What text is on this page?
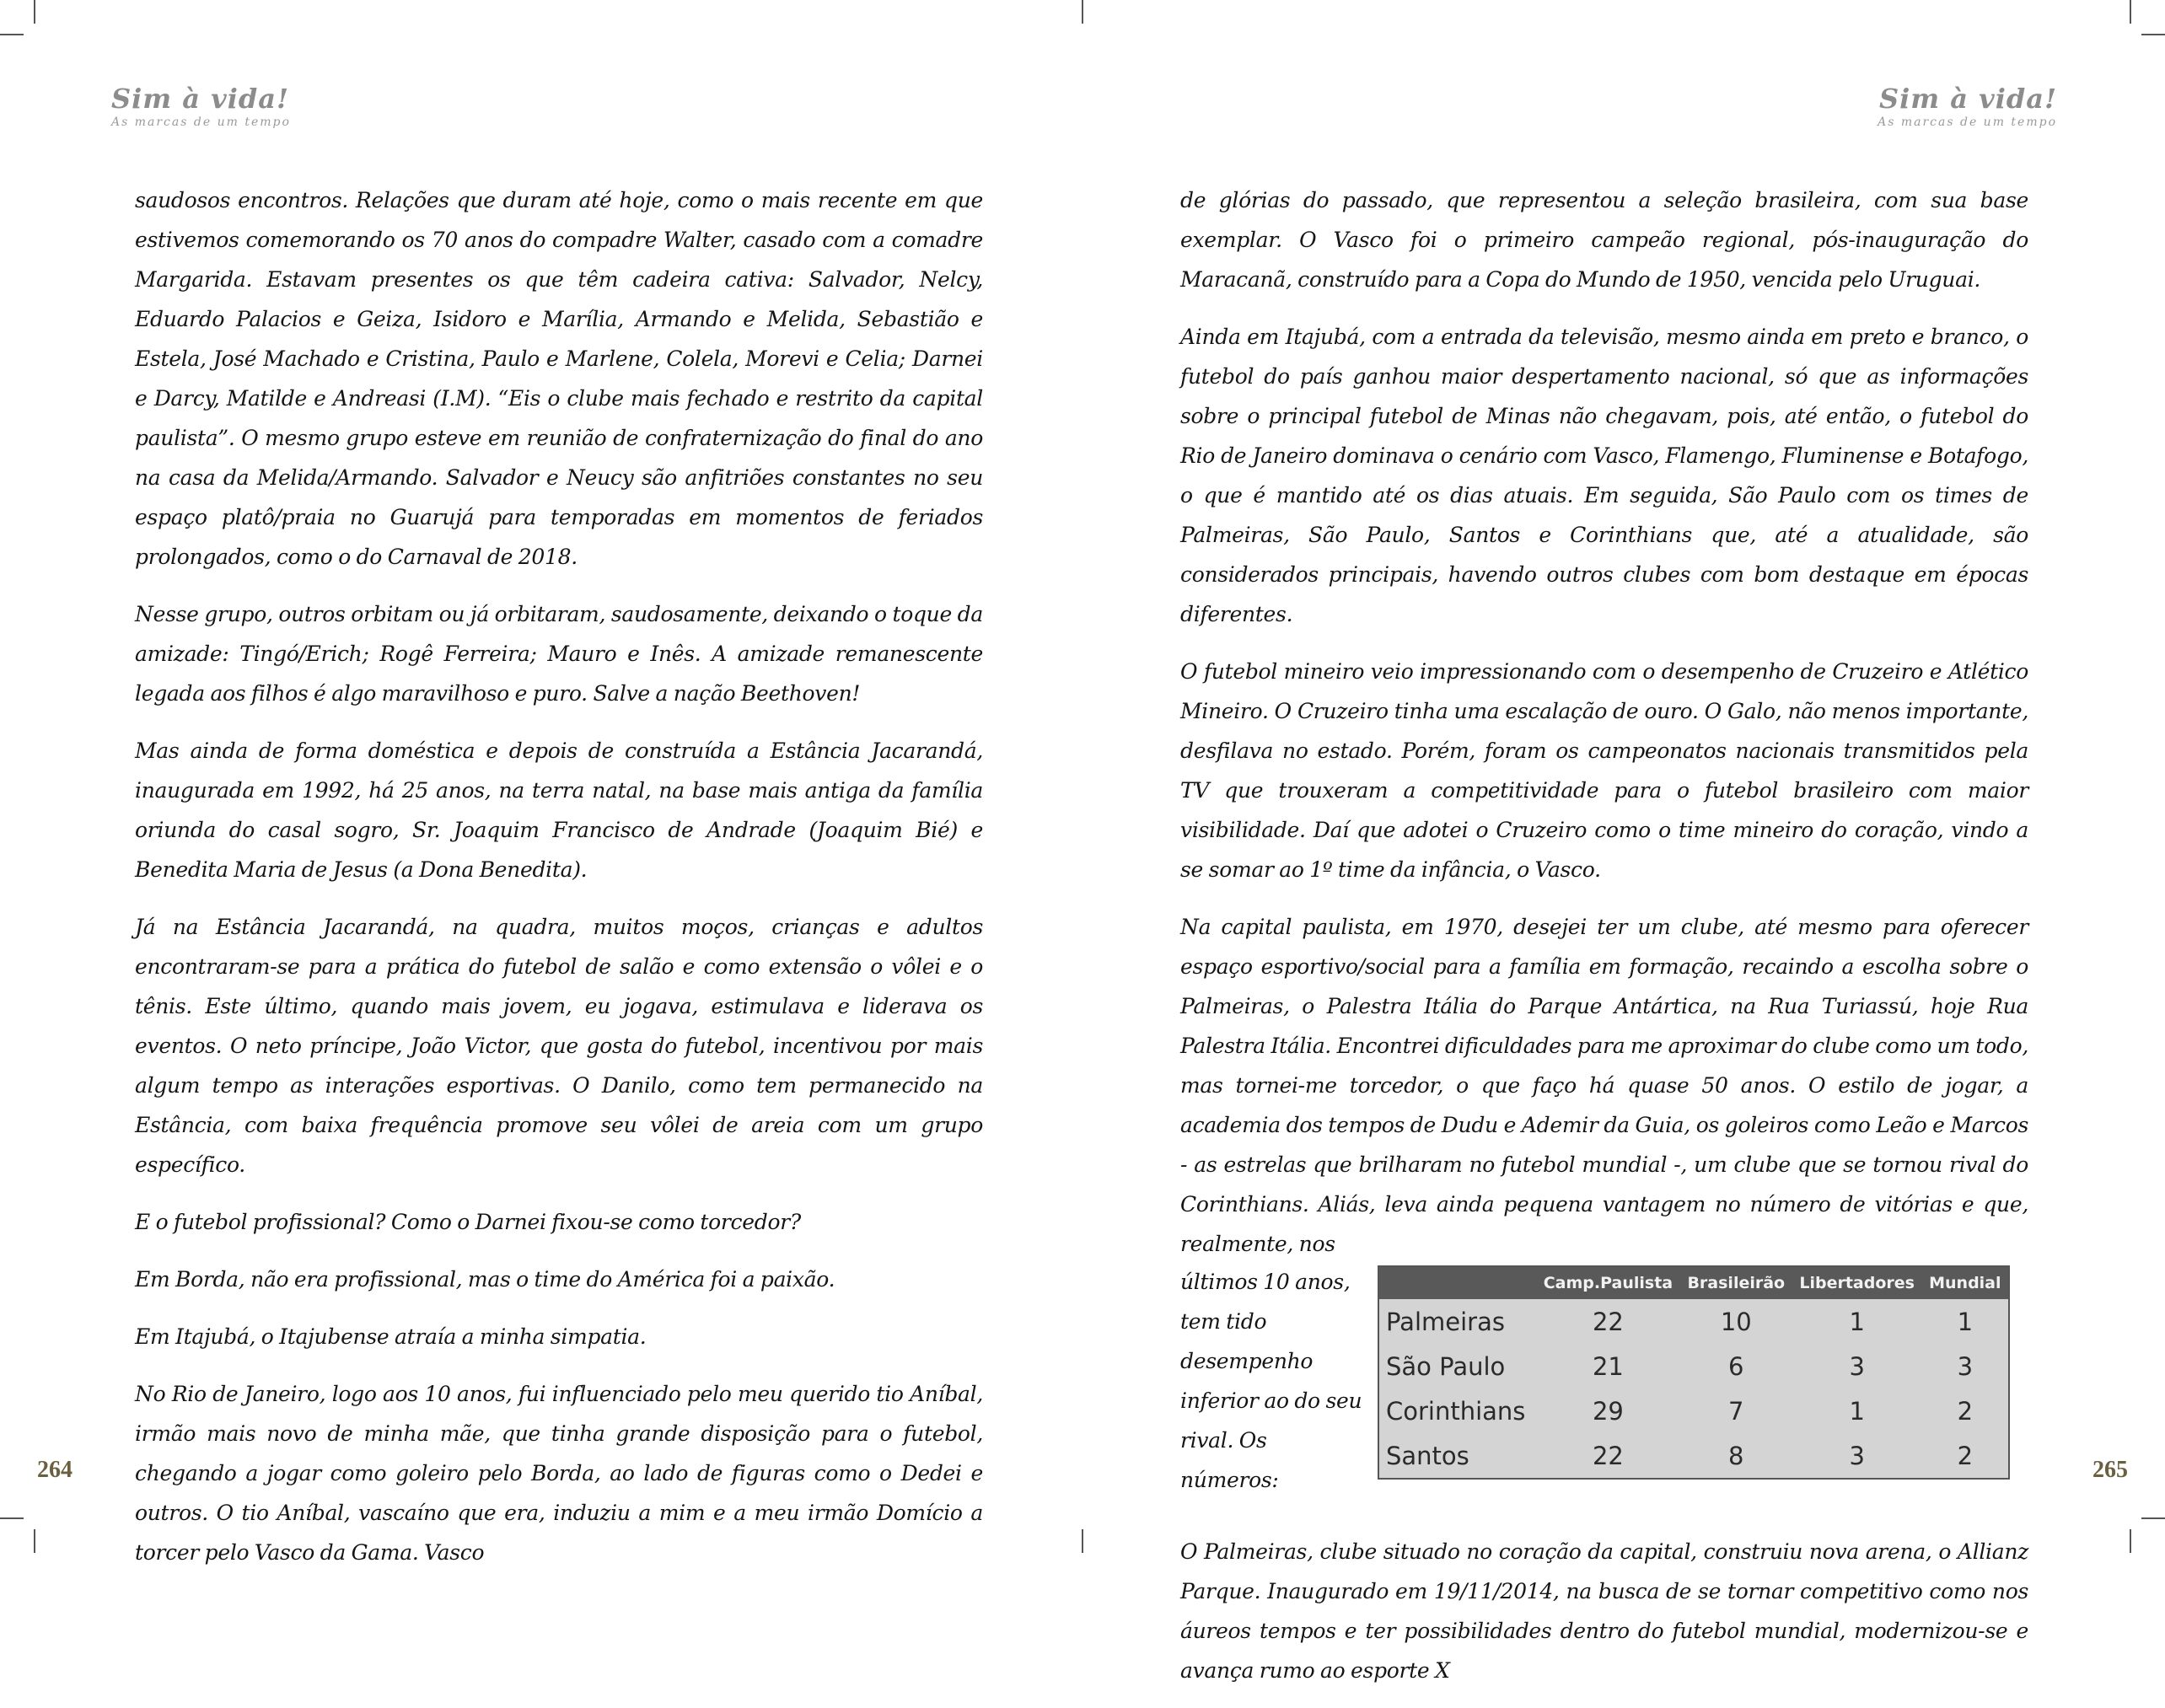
Sim à vida!
As marcas de um tempo

saudosos encontros. Relações que duram até hoje, como o mais recente em que estivemos comemorando os 70 anos do compadre Walter, casado com a comadre Margarida. Estavam presentes os que têm cadeira cativa: Salvador, Nelcy, Eduardo Palacios e Geiza, Isidoro e Marília, Armando e Melida, Sebastião e Estela, José Machado e Cristina, Paulo e Marlene, Colela, Morevi e Celia; Darnei e Darcy, Matilde e Andreasi (I.M). “Eis o clube mais fechado e restrito da capital paulista”. O mesmo grupo esteve em reunião de confraternização do final do ano na casa da Melida/Armando. Salvador e Neucy são anfitriões constantes no seu espaço platô/praia no Guarujá para temporadas em momentos de feriados prolongados, como o do Carnaval de 2018.

Nesse grupo, outros orbitam ou já orbitaram, saudosamente, deixando o toque da amizade: Tingó/Erich; Rogê Ferreira; Mauro e Inês. A amizade remanescente legada aos filhos é algo maravilhoso e puro. Salve a nação Beethoven!

Mas ainda de forma doméstica e depois de construída a Estância Jacarandá, inaugurada em 1992, há 25 anos, na terra natal, na base mais antiga da família oriunda do casal sogro, Sr. Joaquim Francisco de Andrade (Joaquim Bié) e Benedita Maria de Jesus (a Dona Benedita).

Já na Estância Jacarandá, na quadra, muitos moços, crianças e adultos encontraram-se para a prática do futebol de salão e como extensão o vôlei e o tênis. Este último, quando mais jovem, eu jogava, estimulava e liderava os eventos. O neto príncipe, João Victor, que gosta do futebol, incentivou por mais algum tempo as interações esportivas. O Danilo, como tem permanecido na Estância, com baixa frequência promove seu vôlei de areia com um grupo específico.

E o futebol profissional? Como o Darnei fixou-se como torcedor?

Em Borda, não era profissional, mas o time do América foi a paixão.

Em Itajubá, o Itajubense atraía a minha simpatia.

No Rio de Janeiro, logo aos 10 anos, fui influenciado pelo meu querido tio Aníbal, irmão mais novo de minha mãe, que tinha grande disposição para o futebol, chegando a jogar como goleiro pelo Borda, ao lado de figuras como o Dedei e outros. O tio Aníbal, vascaíno que era, induziu a mim e a meu irmão Domício a torcer pelo Vasco da Gama. Vasco

264
Sim à vida!
As marcas de um tempo

de glórias do passado, que representou a seleção brasileira, com sua base exemplar. O Vasco foi o primeiro campeão regional, pós-inauguração do Maracanã, construído para a Copa do Mundo de 1950, vencida pelo Uruguai.

Ainda em Itajubá, com a entrada da televisão, mesmo ainda em preto e branco, o futebol do país ganhou maior despertamento nacional, só que as informações sobre o principal futebol de Minas não chegavam, pois, até então, o futebol do Rio de Janeiro dominava o cenário com Vasco, Flamengo, Fluminense e Botafogo, o que é mantido até os dias atuais. Em seguida, São Paulo com os times de Palmeiras, São Paulo, Santos e Corinthians que, até a atualidade, são considerados principais, havendo outros clubes com bom destaque em épocas diferentes.

O futebol mineiro veio impressionando com o desempenho de Cruzeiro e Atlético Mineiro. O Cruzeiro tinha uma escalação de ouro. O Galo, não menos importante, desfilava no estado. Porém, foram os campeonatos nacionais transmitidos pela TV que trouxeram a competitividade para o futebol brasileiro com maior visibilidade. Daí que adotei o Cruzeiro como o time mineiro do coração, vindo a se somar ao 1º time da infância, o Vasco.

Na capital paulista, em 1970, desejei ter um clube, até mesmo para oferecer espaço esportivo/social para a família em formação, recaindo a escolha sobre o Palmeiras, o Palestra Itália do Parque Antártica, na Rua Turiassú, hoje Rua Palestra Itália. Encontrei dificuldades para me aproximar do clube como um todo, mas tornei-me torcedor, o que faço há quase 50 anos. O estilo de jogar, a academia dos tempos de Dudu e Ademir da Guia, os goleiros como Leão e Marcos - as estrelas que brilharam no futebol mundial -, um clube que se tornou rival do Corinthians. Aliás, leva ainda pequena vantagem no número de vitórias e que, realmente, nos

últimos 10 anos, tem tido desempenho inferior ao do seu rival. Os números:
	Camp.Paulista	Brasileirão	Libertadores	Mundial
Palmeiras	22	10	1	1
São Paulo	21	6	3	3
Corinthians	29	7	1	2
Santos	22	8	3	2

O Palmeiras, clube situado no coração da capital, construiu nova arena, o Allianz Parque. Inaugurado em 19/11/2014, na busca de se tornar competitivo como nos áureos tempos e ter possibilidades dentro do futebol mundial, modernizou-se e avança rumo ao esporte X

265
